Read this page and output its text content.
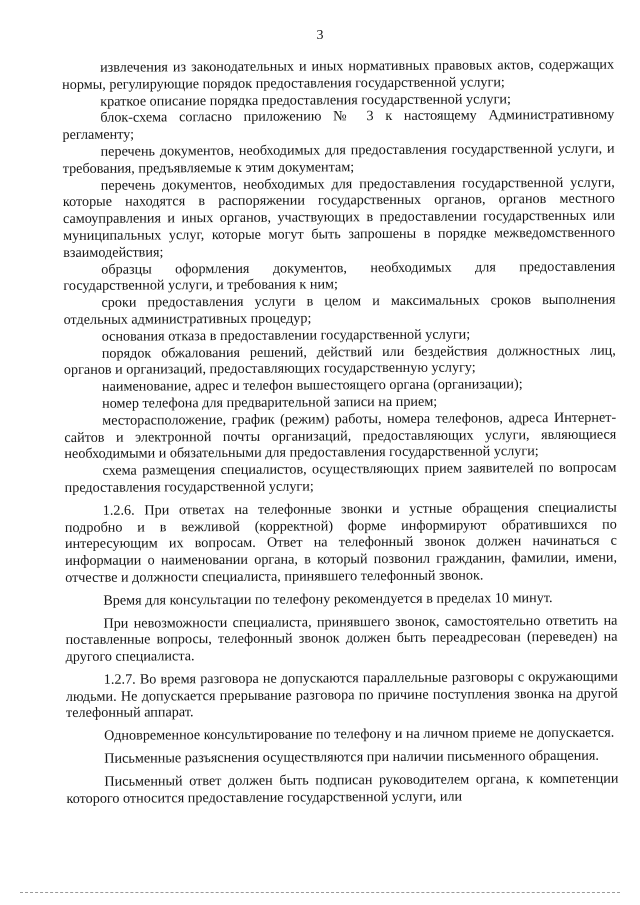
3

извлечения из законодательных и иных нормативных правовых актов, содержащих нормы, регулирующие порядок предоставления государственной услуги;

краткое описание порядка предоставления государственной услуги;

блок-схема согласно приложению № 3 к настоящему Административному регламенту;

перечень документов, необходимых для предоставления государственной услуги, и требования, предъявляемые к этим документам;

перечень документов, необходимых для предоставления государственной услуги, которые находятся в распоряжении государственных органов, органов местного самоуправления и иных органов, участвующих в предоставлении государственных или муниципальных услуг, которые могут быть запрошены в порядке межведомственного взаимодействия;

образцы оформления документов, необходимых для предоставления государственной услуги, и требования к ним;

сроки предоставления услуги в целом и максимальных сроков выполнения отдельных административных процедур;

основания отказа в предоставлении государственной услуги;

порядок обжалования решений, действий или бездействия должностных лиц, органов и организаций, предоставляющих государственную услугу;

наименование, адрес и телефон вышестоящего органа (организации);

номер телефона для предварительной записи на прием;

месторасположение, график (режим) работы, номера телефонов, адреса Интернет-сайтов и электронной почты организаций, предоставляющих услуги, являющиеся необходимыми и обязательными для предоставления государственной услуги;

схема размещения специалистов, осуществляющих прием заявителей по вопросам предоставления государственной услуги;

1.2.6. При ответах на телефонные звонки и устные обращения специалисты подробно и в вежливой (корректной) форме информируют обратившихся по интересующим их вопросам. Ответ на телефонный звонок должен начинаться с информации о наименовании органа, в который позвонил гражданин, фамилии, имени, отчестве и должности специалиста, принявшего телефонный звонок.

Время для консультации по телефону рекомендуется в пределах 10 минут.

При невозможности специалиста, принявшего звонок, самостоятельно ответить на поставленные вопросы, телефонный звонок должен быть переадресован (переведен) на другого специалиста.

1.2.7. Во время разговора не допускаются параллельные разговоры с окружающими людьми. Не допускается прерывание разговора по причине поступления звонка на другой телефонный аппарат.

Одновременное консультирование по телефону и на личном приеме не допускается.

Письменные разъяснения осуществляются при наличии письменного обращения.

Письменный ответ должен быть подписан руководителем органа, к компетенции которого относится предоставление государственной услуги, или
